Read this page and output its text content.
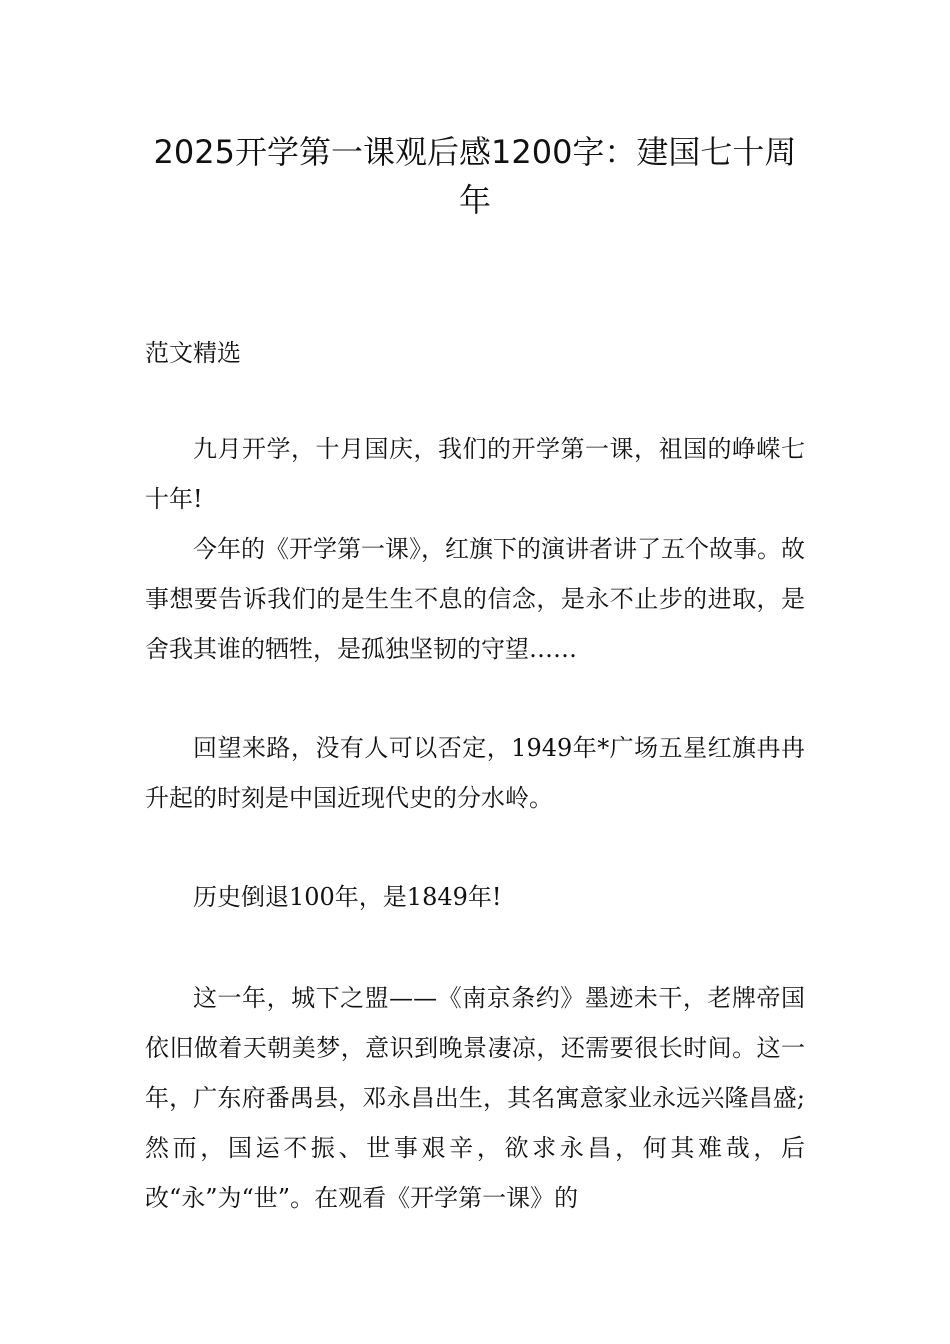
2025开学第一课观后感1200字：建国七十周年

范文精选

九月开学，十月国庆，我们的开学第一课，祖国的峥嵘七十年!

今年的《开学第一课》，红旗下的演讲者讲了五个故事。故事想要告诉我们的是生生不息的信念，是永不止步的进取，是舍我其谁的牺牲，是孤独坚韧的守望……

回望来路，没有人可以否定，1949年*广场五星红旗冉冉升起的时刻是中国近现代史的分水岭。

历史倒退100年，是1849年!

这一年，城下之盟——《南京条约》墨迹未干，老牌帝国依旧做着天朝美梦，意识到晚景凄凉，还需要很长时间。这一年，广东府番禺县，邓永昌出生，其名寓意家业永远兴隆昌盛;然而，国运不振、世事艰辛，欲求永昌，何其难哉，后改“永”为“世”。在观看《开学第一课》的
